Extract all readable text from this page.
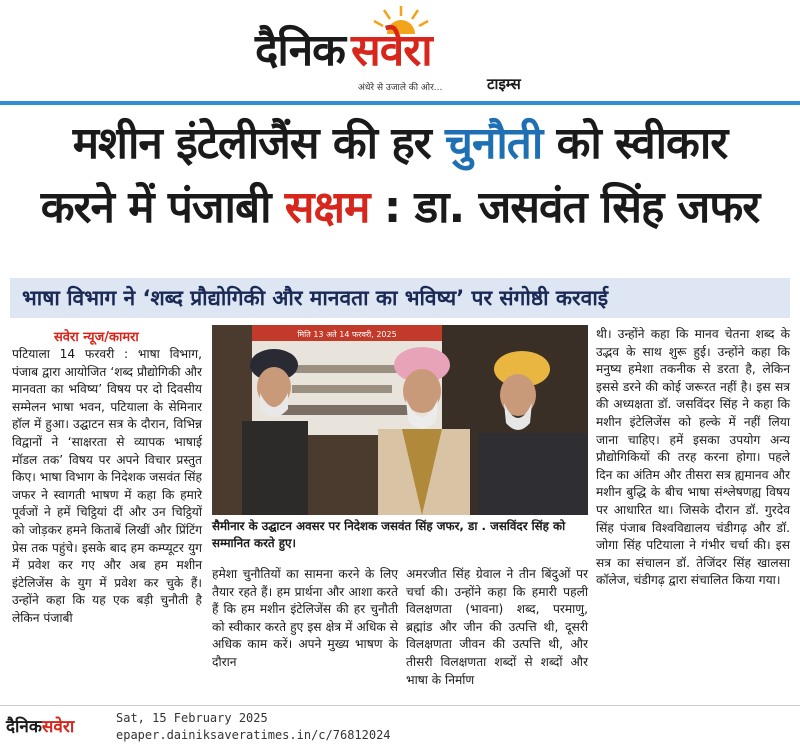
दैनिक सवेरा
अंधेरे से उजाले की ओर...	टाइम्स
मशीन इंटेलीजैंस की हर चुनौती को स्वीकार
करने में पंजाबी सक्षम : डा. जसवंत सिंह जफर
भाषा विभाग ने ‘शब्द प्रौद्योगिकी और मानवता का भविष्य’ पर संगोष्ठी करवाई
सवेरा न्यूज/कामरा

पटियाला 14 फरवरी : भाषा विभाग, पंजाब द्वारा आयोजित ‘शब्द प्रौद्योगिकी और मानवता का भविष्य’ विषय पर दो दिवसीय सम्मेलन भाषा भवन, पटियाला के सेमिनार हॉल में हुआ। उद्घाटन सत्र के दौरान, विभिन्न विद्वानों ने ‘साक्षरता से व्यापक भाषाई मॉडल तक’ विषय पर अपने विचार प्रस्तुत किए। भाषा विभाग के निदेशक जसवंत सिंह जफर ने स्वागती भाषण में कहा कि हमारे पूर्वजों ने हमें चिट्ठियां दीं और उन चिट्ठियों को जोड़कर हमने किताबें लिखीं और प्रिंटिंग प्रेस तक पहुंचे। इसके बाद हम कम्प्यूटर युग में प्रवेश कर गए और अब हम मशीन इंटेलिजेंस के युग में प्रवेश कर चुके हैं। उन्होंने कहा कि यह एक बड़ी चुनौती है लेकिन पंजाबी

मिति 13 अते 14 फरवरी, 2025
सैमीनार के उद्घाटन अवसर पर निदेशक जसवंत सिंह जफर, डा . जसविंदर सिंह को सम्मानित करते हुए।

हमेशा चुनौतियों का सामना करने के लिए तैयार रहते हैं। हम प्रार्थना और आशा करते हैं कि हम मशीन इंटेलिजेंस की हर चुनौती को स्वीकार करते हुए इस क्षेत्र में अधिक से अधिक काम करें। अपने मुख्य भाषण के दौरान

अमरजीत सिंह ग्रेवाल ने तीन बिंदुओं पर चर्चा की। उन्होंने कहा कि हमारी पहली विलक्षणता (भावना) शब्द, परमाणु, ब्रह्मांड और जीन की उत्पत्ति थी, दूसरी विलक्षणता जीवन की उत्पत्ति थी, और तीसरी विलक्षणता शब्दों से शब्दों और भाषा के निर्माण

थी। उन्होंने कहा कि मानव चेतना शब्द के उद्भव के साथ शुरू हुई। उन्होंने कहा कि मनुष्य हमेशा तकनीक से डरता है, लेकिन इससे डरने की कोई जरूरत नहीं है। इस सत्र की अध्यक्षता डॉ. जसविंदर सिंह ने कहा कि मशीन इंटेलिजेंस को हल्के में नहीं लिया जाना चाहिए। हमें इसका उपयोग अन्य प्रौद्योगिकियों की तरह करना होगा। पहले दिन का अंतिम और तीसरा सत्र ह्यमानव और मशीन बुद्धि के बीच भाषा संश्लेषणह्य विषय पर आधारित था। जिसके दौरान डॉ. गुरदेव सिंह पंजाब विश्वविद्यालय चंडीगढ़ और डॉ. जोगा सिंह पटियाला ने गंभीर चर्चा की। इस सत्र का संचालन डॉ. तेजिंदर सिंह खालसा कॉलेज, चंडीगढ़ द्वारा संचालित किया गया।

दैनिकसवेरा	Sat, 15 February 2025
epaper.dainiksaveratimes.in/c/76812024
